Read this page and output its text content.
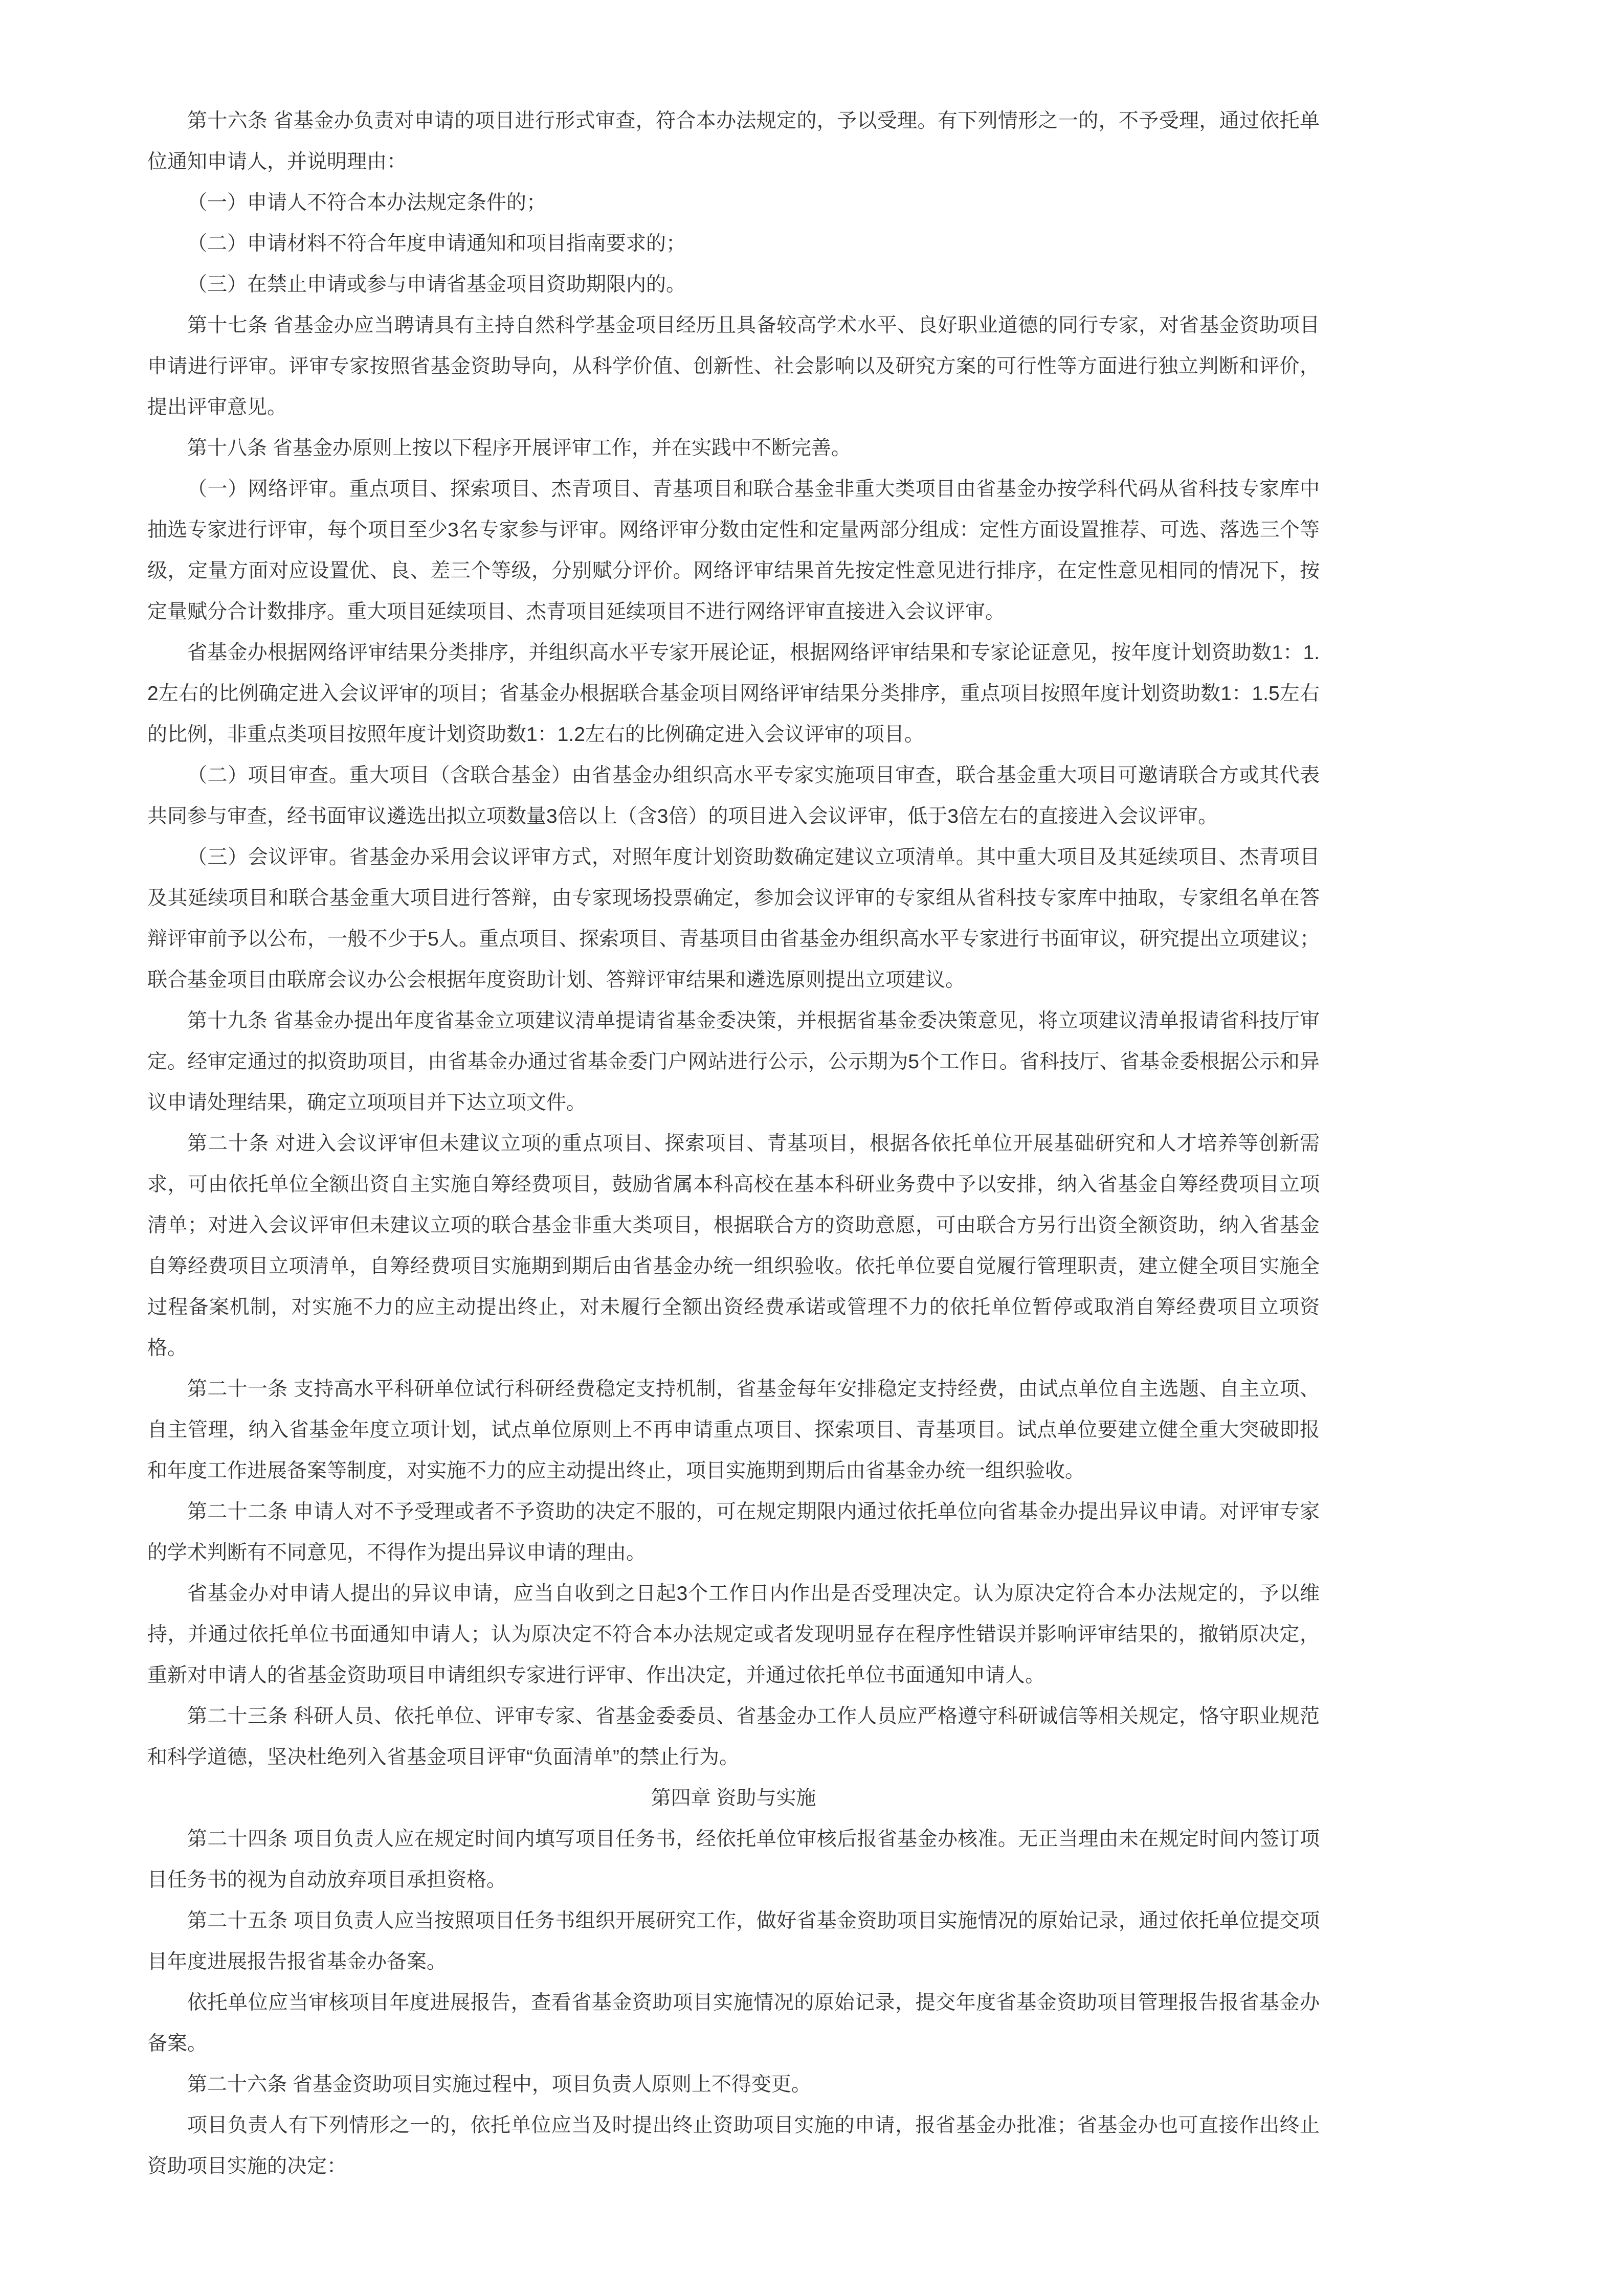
第十六条 省基金办负责对申请的项目进行形式审查，符合本办法规定的，予以受理。有下列情形之一的，不予受理，通过依托单位通知申请人，并说明理由：

（一）申请人不符合本办法规定条件的；

（二）申请材料不符合年度申请通知和项目指南要求的；

（三）在禁止申请或参与申请省基金项目资助期限内的。

第十七条 省基金办应当聘请具有主持自然科学基金项目经历且具备较高学术水平、良好职业道德的同行专家，对省基金资助项目申请进行评审。评审专家按照省基金资助导向，从科学价值、创新性、社会影响以及研究方案的可行性等方面进行独立判断和评价，提出评审意见。

第十八条 省基金办原则上按以下程序开展评审工作，并在实践中不断完善。

（一）网络评审。重点项目、探索项目、杰青项目、青基项目和联合基金非重大类项目由省基金办按学科代码从省科技专家库中抽选专家进行评审，每个项目至少3名专家参与评审。网络评审分数由定性和定量两部分组成：定性方面设置推荐、可选、落选三个等级，定量方面对应设置优、良、差三个等级，分别赋分评价。网络评审结果首先按定性意见进行排序，在定性意见相同的情况下，按定量赋分合计数排序。重大项目延续项目、杰青项目延续项目不进行网络评审直接进入会议评审。

省基金办根据网络评审结果分类排序，并组织高水平专家开展论证，根据网络评审结果和专家论证意见，按年度计划资助数1：1.2左右的比例确定进入会议评审的项目；省基金办根据联合基金项目网络评审结果分类排序，重点项目按照年度计划资助数1：1.5左右的比例，非重点类项目按照年度计划资助数1：1.2左右的比例确定进入会议评审的项目。

（二）项目审查。重大项目（含联合基金）由省基金办组织高水平专家实施项目审查，联合基金重大项目可邀请联合方或其代表共同参与审查，经书面审议遴选出拟立项数量3倍以上（含3倍）的项目进入会议评审，低于3倍左右的直接进入会议评审。

（三）会议评审。省基金办采用会议评审方式，对照年度计划资助数确定建议立项清单。其中重大项目及其延续项目、杰青项目及其延续项目和联合基金重大项目进行答辩，由专家现场投票确定，参加会议评审的专家组从省科技专家库中抽取，专家组名单在答辩评审前予以公布，一般不少于5人。重点项目、探索项目、青基项目由省基金办组织高水平专家进行书面审议，研究提出立项建议；联合基金项目由联席会议办公会根据年度资助计划、答辩评审结果和遴选原则提出立项建议。

第十九条 省基金办提出年度省基金立项建议清单提请省基金委决策，并根据省基金委决策意见，将立项建议清单报请省科技厅审定。经审定通过的拟资助项目，由省基金办通过省基金委门户网站进行公示，公示期为5个工作日。省科技厅、省基金委根据公示和异议申请处理结果，确定立项项目并下达立项文件。

第二十条 对进入会议评审但未建议立项的重点项目、探索项目、青基项目，根据各依托单位开展基础研究和人才培养等创新需求，可由依托单位全额出资自主实施自筹经费项目，鼓励省属本科高校在基本科研业务费中予以安排，纳入省基金自筹经费项目立项清单；对进入会议评审但未建议立项的联合基金非重大类项目，根据联合方的资助意愿，可由联合方另行出资全额资助，纳入省基金自筹经费项目立项清单，自筹经费项目实施期到期后由省基金办统一组织验收。依托单位要自觉履行管理职责，建立健全项目实施全过程备案机制，对实施不力的应主动提出终止，对未履行全额出资经费承诺或管理不力的依托单位暂停或取消自筹经费项目立项资格。

第二十一条 支持高水平科研单位试行科研经费稳定支持机制，省基金每年安排稳定支持经费，由试点单位自主选题、自主立项、自主管理，纳入省基金年度立项计划，试点单位原则上不再申请重点项目、探索项目、青基项目。试点单位要建立健全重大突破即报和年度工作进展备案等制度，对实施不力的应主动提出终止，项目实施期到期后由省基金办统一组织验收。

第二十二条 申请人对不予受理或者不予资助的决定不服的，可在规定期限内通过依托单位向省基金办提出异议申请。对评审专家的学术判断有不同意见，不得作为提出异议申请的理由。

省基金办对申请人提出的异议申请，应当自收到之日起3个工作日内作出是否受理决定。认为原决定符合本办法规定的，予以维持，并通过依托单位书面通知申请人；认为原决定不符合本办法规定或者发现明显存在程序性错误并影响评审结果的，撤销原决定，重新对申请人的省基金资助项目申请组织专家进行评审、作出决定，并通过依托单位书面通知申请人。

第二十三条 科研人员、依托单位、评审专家、省基金委委员、省基金办工作人员应严格遵守科研诚信等相关规定，恪守职业规范和科学道德，坚决杜绝列入省基金项目评审“负面清单”的禁止行为。

第四章 资助与实施

第二十四条 项目负责人应在规定时间内填写项目任务书，经依托单位审核后报省基金办核准。无正当理由未在规定时间内签订项目任务书的视为自动放弃项目承担资格。

第二十五条 项目负责人应当按照项目任务书组织开展研究工作，做好省基金资助项目实施情况的原始记录，通过依托单位提交项目年度进展报告报省基金办备案。

依托单位应当审核项目年度进展报告，查看省基金资助项目实施情况的原始记录，提交年度省基金资助项目管理报告报省基金办备案。

第二十六条 省基金资助项目实施过程中，项目负责人原则上不得变更。

项目负责人有下列情形之一的，依托单位应当及时提出终止资助项目实施的申请，报省基金办批准；省基金办也可直接作出终止资助项目实施的决定：
